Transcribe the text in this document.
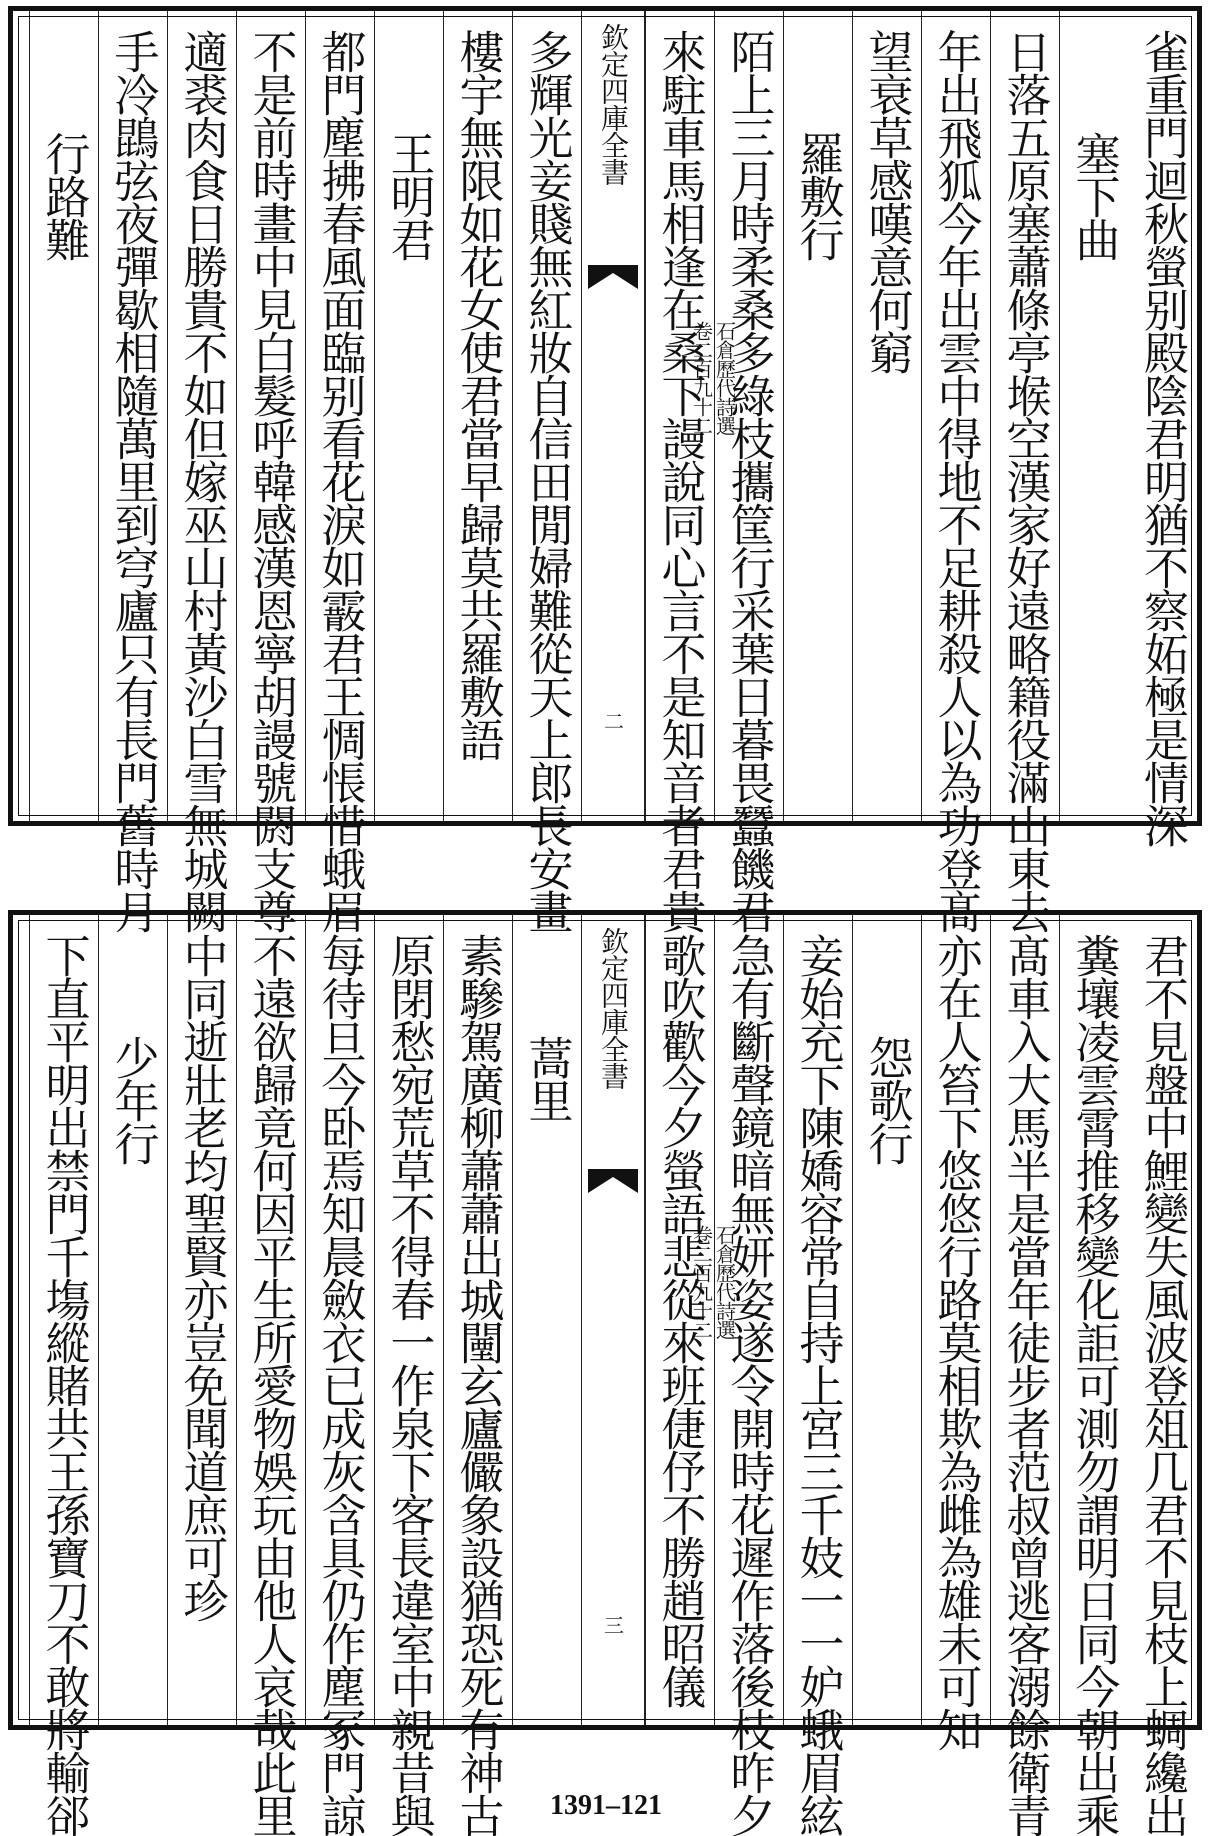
雀重門迴秋螢别殿陰君明猶不察妬極是情深
塞下曲
日落五原塞蕭條亭堠空漢家好遠略籍役滿山東去
年出飛狐今年出雲中得地不足耕殺人以為功登髙
望衰草感嘆意何窮
羅敷行
陌上三月時柔桑多綠枝攜筐行采葉日暮畏蠶饑君
來駐車馬相逢在桑下謾說同心言不是知音者君貴
欽定四庫全書
石倉歷代詩選
卷二百九十二
二
多輝光妾賤無紅妝自信田閒婦難從天上郎長安畫
樓宇無限如花女使君當早歸莫共羅敷語
王明君
都門塵拂春風面臨别看花淚如霰君王惆悵惜蛾眉
不是前時畫中見白髮呼韓感漢恩寧胡謾號閼支尊
適裘肉食日勝貴不如但嫁巫山村黃沙白雪無城闕
手冷鵾弦夜彈歇相隨萬里到穹廬只有長門舊時月
行路難
君不見盤中鯉變失風波登俎几君不見枝上蜩纔出
糞壤凌雲霄推移變化詎可測勿謂明日同今朝出乘
髙車入大馬半是當年徒步者范叔曾逃客溺餘衛青
亦在人笞下悠悠行路莫相欺為雌為雄未可知
怨歌行
妾始充下陳嬌容常自持上宮三千妓一一妒蛾眉絃
急有斷聲鏡暗無妍姿遂令開時花遲作落後枝昨夕
歌吹歡今夕螢語悲從來班倢伃不勝趙昭儀
欽定四庫全書
石倉歷代詩選
卷二百九十二
三
蒿里
素驂駕廣柳蕭蕭出城闉玄廬儼象設猶恐死有神古
原閉愁宛荒草不得春一作泉下客長違室中親昔與
每待旦今卧焉知晨斂衣已成灰含具仍作塵冢門諒
不遠欲歸竟何因平生所愛物娛玩由他人哀哉此里
中同逝壯老均聖賢亦豈免聞道庶可珍
少年行
下直平明出禁門千塲縱賭共王孫寶刀不敢將輸郤	1391–121
